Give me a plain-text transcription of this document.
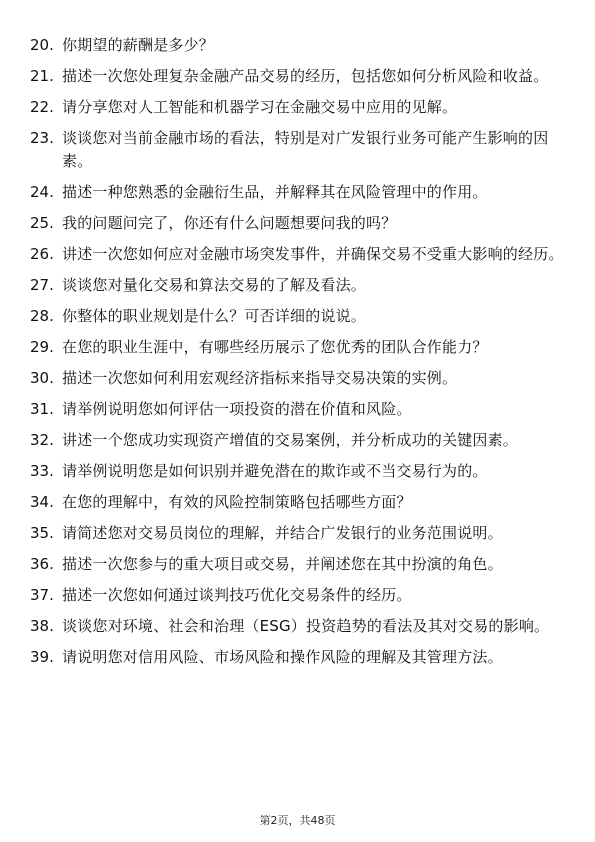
20. 你期望的薪酬是多少？
21. 描述一次您处理复杂金融产品交易的经历，包括您如何分析风险和收益。
22. 请分享您对人工智能和机器学习在金融交易中应用的见解。
23. 谈谈您对当前金融市场的看法，特别是对广发银行业务可能产生影响的因素。
24. 描述一种您熟悉的金融衍生品，并解释其在风险管理中的作用。
25. 我的问题问完了，你还有什么问题想要问我的吗？
26. 讲述一次您如何应对金融市场突发事件，并确保交易不受重大影响的经历。
27. 谈谈您对量化交易和算法交易的了解及看法。
28. 你整体的职业规划是什么？可否详细的说说。
29. 在您的职业生涯中，有哪些经历展示了您优秀的团队合作能力？
30. 描述一次您如何利用宏观经济指标来指导交易决策的实例。
31. 请举例说明您如何评估一项投资的潜在价值和风险。
32. 讲述一个您成功实现资产增值的交易案例，并分析成功的关键因素。
33. 请举例说明您是如何识别并避免潜在的欺诈或不当交易行为的。
34. 在您的理解中，有效的风险控制策略包括哪些方面？
35. 请简述您对交易员岗位的理解，并结合广发银行的业务范围说明。
36. 描述一次您参与的重大项目或交易，并阐述您在其中扮演的角色。
37. 描述一次您如何通过谈判技巧优化交易条件的经历。
38. 谈谈您对环境、社会和治理（ESG）投资趋势的看法及其对交易的影响。
39. 请说明您对信用风险、市场风险和操作风险的理解及其管理方法。
第2页，共48页
